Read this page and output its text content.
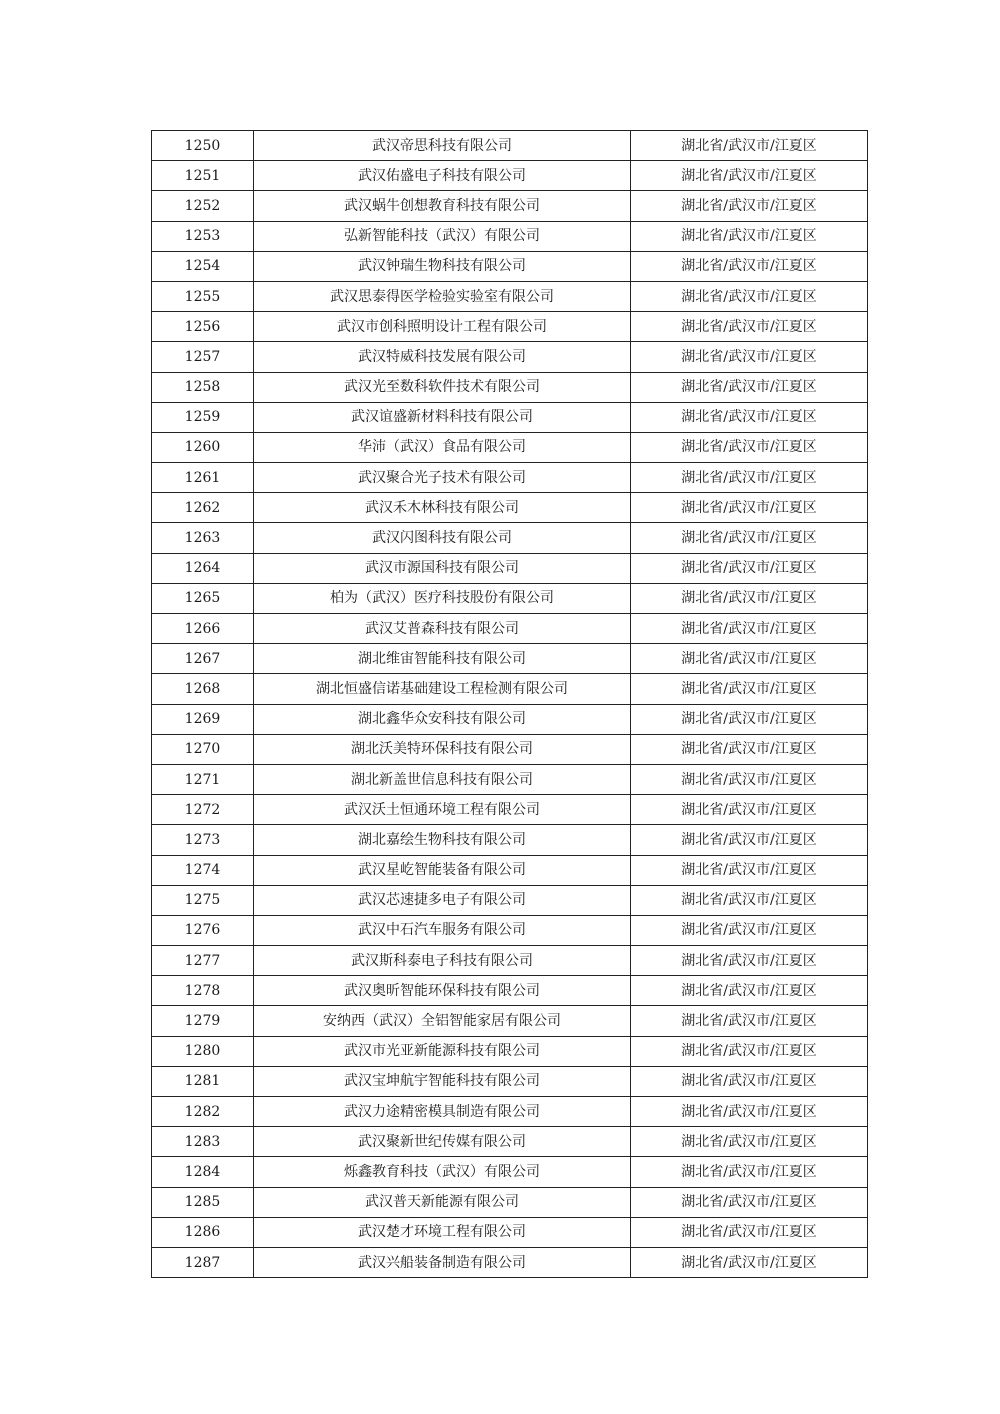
1250	武汉帝思科技有限公司	湖北省/武汉市/江夏区
1251	武汉佑盛电子科技有限公司	湖北省/武汉市/江夏区
1252	武汉蜗牛创想教育科技有限公司	湖北省/武汉市/江夏区
1253	弘新智能科技（武汉）有限公司	湖北省/武汉市/江夏区
1254	武汉钟瑞生物科技有限公司	湖北省/武汉市/江夏区
1255	武汉思泰得医学检验实验室有限公司	湖北省/武汉市/江夏区
1256	武汉市创科照明设计工程有限公司	湖北省/武汉市/江夏区
1257	武汉特威科技发展有限公司	湖北省/武汉市/江夏区
1258	武汉光至数科软件技术有限公司	湖北省/武汉市/江夏区
1259	武汉谊盛新材料科技有限公司	湖北省/武汉市/江夏区
1260	华沛（武汉）食品有限公司	湖北省/武汉市/江夏区
1261	武汉聚合光子技术有限公司	湖北省/武汉市/江夏区
1262	武汉禾木林科技有限公司	湖北省/武汉市/江夏区
1263	武汉闪图科技有限公司	湖北省/武汉市/江夏区
1264	武汉市源国科技有限公司	湖北省/武汉市/江夏区
1265	柏为（武汉）医疗科技股份有限公司	湖北省/武汉市/江夏区
1266	武汉艾普森科技有限公司	湖北省/武汉市/江夏区
1267	湖北维宙智能科技有限公司	湖北省/武汉市/江夏区
1268	湖北恒盛信诺基础建设工程检测有限公司	湖北省/武汉市/江夏区
1269	湖北鑫华众安科技有限公司	湖北省/武汉市/江夏区
1270	湖北沃美特环保科技有限公司	湖北省/武汉市/江夏区
1271	湖北新盖世信息科技有限公司	湖北省/武汉市/江夏区
1272	武汉沃土恒通环境工程有限公司	湖北省/武汉市/江夏区
1273	湖北嘉绘生物科技有限公司	湖北省/武汉市/江夏区
1274	武汉星屹智能装备有限公司	湖北省/武汉市/江夏区
1275	武汉芯速捷多电子有限公司	湖北省/武汉市/江夏区
1276	武汉中石汽车服务有限公司	湖北省/武汉市/江夏区
1277	武汉斯科泰电子科技有限公司	湖北省/武汉市/江夏区
1278	武汉奥昕智能环保科技有限公司	湖北省/武汉市/江夏区
1279	安纳西（武汉）全铝智能家居有限公司	湖北省/武汉市/江夏区
1280	武汉市光亚新能源科技有限公司	湖北省/武汉市/江夏区
1281	武汉宝坤航宇智能科技有限公司	湖北省/武汉市/江夏区
1282	武汉力途精密模具制造有限公司	湖北省/武汉市/江夏区
1283	武汉聚新世纪传媒有限公司	湖北省/武汉市/江夏区
1284	烁鑫教育科技（武汉）有限公司	湖北省/武汉市/江夏区
1285	武汉普天新能源有限公司	湖北省/武汉市/江夏区
1286	武汉楚才环境工程有限公司	湖北省/武汉市/江夏区
1287	武汉兴船装备制造有限公司	湖北省/武汉市/江夏区
